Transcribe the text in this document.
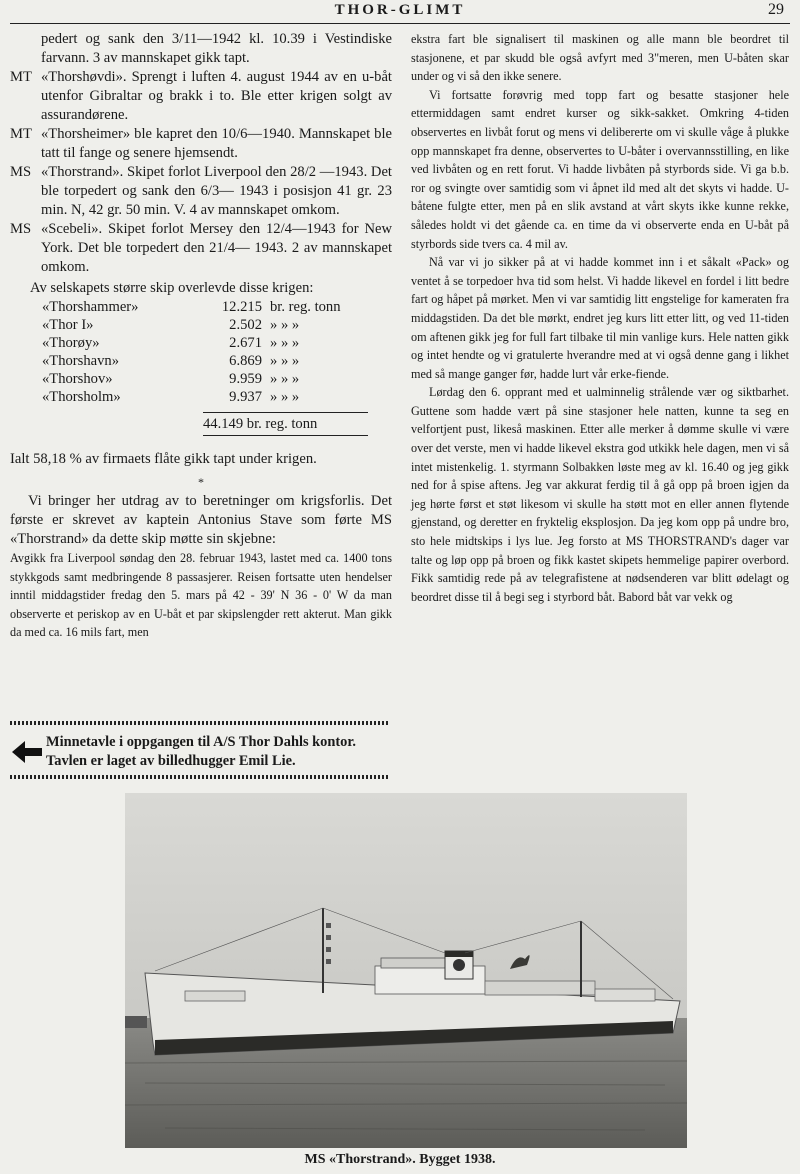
THOR-GLIMT	29

pedert og sank den 3/11—1942 kl. 10.39 i Vestindiske farvann. 3 av mannskapet gikk tapt.

MT «Thorshøvdi». Sprengt i luften 4. august 1944 av en u-båt utenfor Gibraltar og brakk i to. Ble etter krigen solgt av assurandørene.

MT «Thorsheimer» ble kapret den 10/6—1940. Mannskapet ble tatt til fange og senere hjemsendt.

MS «Thorstrand». Skipet forlot Liverpool den 28/2 —1943. Det ble torpedert og sank den 6/3— 1943 i posisjon 41 gr. 23 min. N, 42 gr. 50 min. V. 4 av mannskapet omkom.

MS «Scebeli». Skipet forlot Mersey den 12/4—1943 for New York. Det ble torpedert den 21/4— 1943. 2 av mannskapet omkom.

Av selskapets større skip overlevde disse krigen:

«Thorshammer»	12.215	br. reg. tonn
«Thor I»	2.502	» » »
«Thorøy»	2.671	» » »
«Thorshavn»	6.869	» » »
«Thorshov»	9.959	» » »
«Thorsholm»	9.937	» » »
44.149 br. reg. tonn

Ialt 58,18 % av firmaets flåte gikk tapt under krigen.

*

Vi bringer her utdrag av to beretninger om krigsforlis. Det første er skrevet av kaptein Antonius Stave som førte MS «Thorstrand» da dette skip møtte sin skjebne:

Avgikk fra Liverpool søndag den 28. februar 1943, lastet med ca. 1400 tons stykkgods samt medbringende 8 passasjerer. Reisen fortsatte uten hendelser inntil middagstider fredag den 5. mars på 42 - 39' N 36 - 0' W da man observerte et periskop av en U-båt et par skipslengder rett akterut. Man gikk da med ca. 16 mils fart, men

Minnetavle i oppgangen til A/S Thor Dahls kontor. Tavlen er laget av billedhugger Emil Lie.

ekstra fart ble signalisert til maskinen og alle mann ble beordret til stasjonene, et par skudd ble også avfyrt med 3"meren, men U-båten skar under og vi så den ikke senere.

Vi fortsatte forøvrig med topp fart og besatte stasjoner hele ettermiddagen samt endret kurser og sikk-sakket. Omkring 4-tiden observertes en livbåt forut og mens vi delibererte om vi skulle våge å plukke opp mannskapet fra denne, observertes to U-båter i overvannsstilling, en like ved livbåten og en rett forut. Vi hadde livbåten på styrbords side. Vi ga b.b. ror og svingte over samtidig som vi åpnet ild med alt det skyts vi hadde. U-båtene fulgte etter, men på en slik avstand at vårt skyts ikke kunne rekke, således holdt vi det gående ca. en time da vi observerte enda en U-båt på styrbords side tvers ca. 4 mil av.

Nå var vi jo sikker på at vi hadde kommet inn i et såkalt «Pack» og ventet å se torpedoer hva tid som helst. Vi hadde likevel en fordel i litt bedre fart og håpet på mørket. Men vi var samtidig litt engstelige for kameraten fra middagstiden. Da det ble mørkt, endret jeg kurs litt etter litt, og ved 11-tiden om aftenen gikk jeg for full fart tilbake til min vanlige kurs. Hele natten gikk og intet hendte og vi gratulerte hverandre med at vi også denne gang i likhet med så mange ganger før, hadde lurt vår erke-fiende.

Lørdag den 6. opprant med et ualminnelig strålende vær og siktbarhet. Guttene som hadde vært på sine stasjoner hele natten, kunne ta seg en velfortjent pust, likeså maskinen. Etter alle merker å dømme skulle vi være over det verste, men vi hadde likevel ekstra god utkikk hele dagen, men vi så intet mistenkelig. 1. styrmann Solbakken løste meg av kl. 16.40 og jeg gikk ned for å spise aftens. Jeg var akkurat ferdig til å gå opp på broen igjen da jeg hørte først et støt likesom vi skulle ha støtt mot en eller annen flytende gjenstand, og deretter en fryktelig eksplosjon. Da jeg kom opp på undre bro, sto hele midtskips i lys lue. Jeg forsto at MS THORSTRAND's dager var talte og løp opp på broen og fikk kastet skipets hemmelige papirer overbord. Fikk samtidig rede på av telegrafistene at nødsenderen var blitt ødelagt og beordret disse til å begi seg i styrbord båt. Babord båt var vekk og

MS «Thorstrand». Bygget 1938.
